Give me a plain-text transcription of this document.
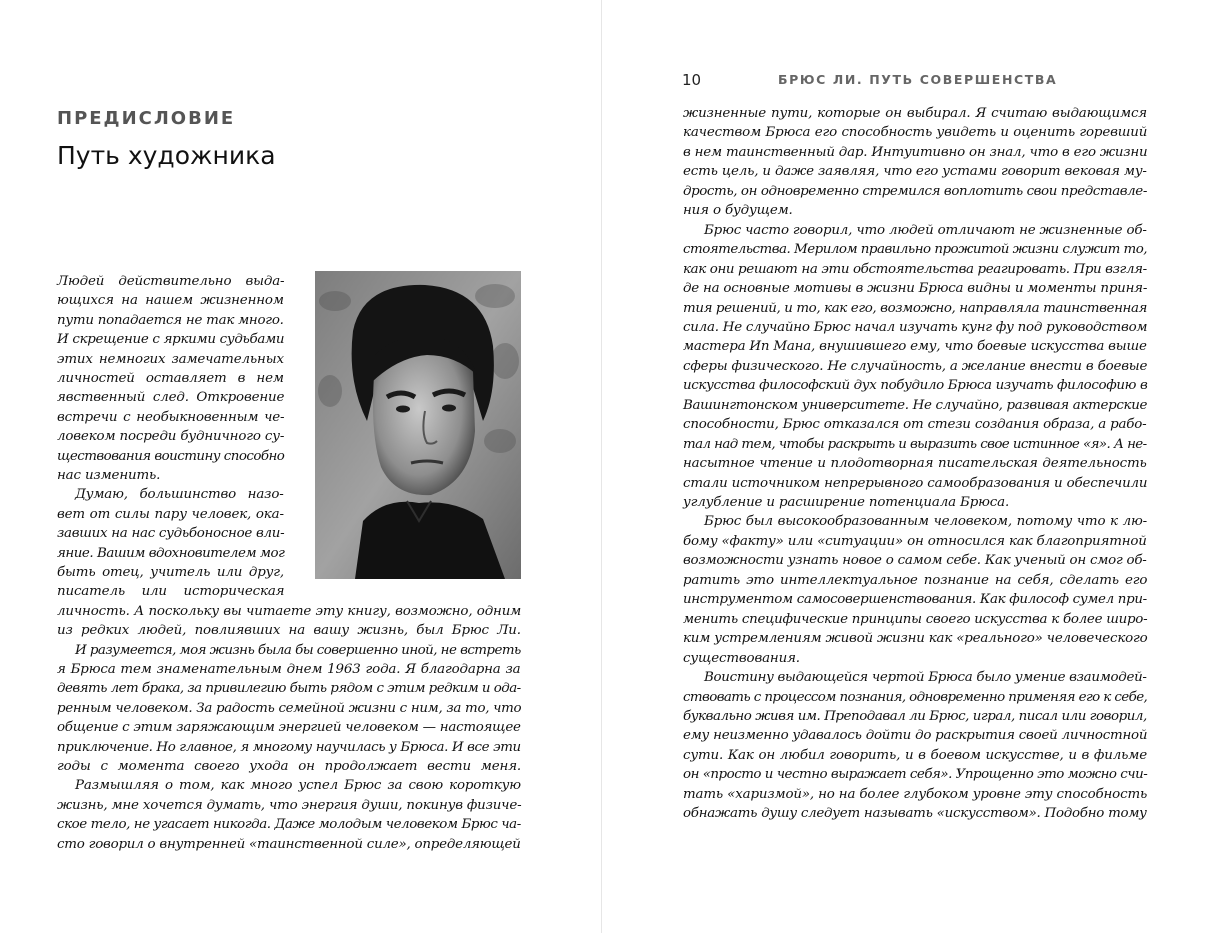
ПРЕДИСЛОВИЕ
Путь художника
Людей действительно выда-
ющихся на нашем жизненном
пути попадается не так много.
И скрещение с яркими судьбами
этих немногих замечательных
личностей оставляет в нем
явственный след. Откровение
встречи с необыкновенным че-
ловеком посреди будничного су-
ществования воистину способно
нас изменить.
Думаю, большинство назо-
вет от силы пару человек, ока-
завших на нас судьбоносное вли-
яние. Вашим вдохновителем мог
быть отец, учитель или друг,
писатель или историческая
личность. А поскольку вы читаете эту книгу, возможно, одним
из редких людей, повлиявших на вашу жизнь, был Брюс Ли.
И разумеется, моя жизнь была бы совершенно иной, не встреть
я Брюса тем знаменательным днем 1963 года. Я благодарна за
девять лет брака, за привилегию быть рядом с этим редким и ода-
ренным человеком. За радость семейной жизни с ним, за то, что
общение с этим заряжающим энергией человеком — настоящее
приключение. Но главное, я многому научилась у Брюса. И все эти
годы с момента своего ухода он продолжает вести меня.
Размышляя о том, как много успел Брюс за свою короткую
жизнь, мне хочется думать, что энергия души, покинув физиче-
ское тело, не угасает никогда. Даже молодым человеком Брюс ча-
сто говорил о внутренней «таинственной силе», определяющей
10	БРЮС ЛИ. ПУТЬ СОВЕРШЕНСТВА
жизненные пути, которые он выбирал. Я считаю выдающимся
качеством Брюса его способность увидеть и оценить горевший
в нем таинственный дар. Интуитивно он знал, что в его жизни
есть цель, и даже заявляя, что его устами говорит вековая му-
дрость, он одновременно стремился воплотить свои представле-
ния о будущем.
Брюс часто говорил, что людей отличают не жизненные об-
стоятельства. Мерилом правильно прожитой жизни служит то,
как они решают на эти обстоятельства реагировать. При взгля-
де на основные мотивы в жизни Брюса видны и моменты приня-
тия решений, и то, как его, возможно, направляла таинственная
сила. Не случайно Брюс начал изучать кунг фу под руководством
мастера Ип Мана, внушившего ему, что боевые искусства выше
сферы физического. Не случайность, а желание внести в боевые
искусства философский дух побудило Брюса изучать философию в
Вашингтонском университете. Не случайно, развивая актерские
способности, Брюс отказался от стези создания образа, а рабо-
тал над тем, чтобы раскрыть и выразить свое истинное «я». А не-
насытное чтение и плодотворная писательская деятельность
стали источником непрерывного самообразования и обеспечили
углубление и расширение потенциала Брюса.
Брюс был высокообразованным человеком, потому что к лю-
бому «факту» или «ситуации» он относился как благоприятной
возможности узнать новое о самом себе. Как ученый он смог об-
ратить это интеллектуальное познание на себя, сделать его
инструментом самосовершенствования. Как философ сумел при-
менить специфические принципы своего искусства к более широ-
ким устремлениям живой жизни как «реального» человеческого
существования.
Воистину выдающейся чертой Брюса было умение взаимодей-
ствовать с процессом познания, одновременно применяя его к себе,
буквально живя им. Преподавал ли Брюс, играл, писал или говорил,
ему неизменно удавалось дойти до раскрытия своей личностной
сути. Как он любил говорить, и в боевом искусстве, и в фильме
он «просто и честно выражает себя». Упрощенно это можно счи-
тать «харизмой», но на более глубоком уровне эту способность
обнажать душу следует называть «искусством». Подобно тому
